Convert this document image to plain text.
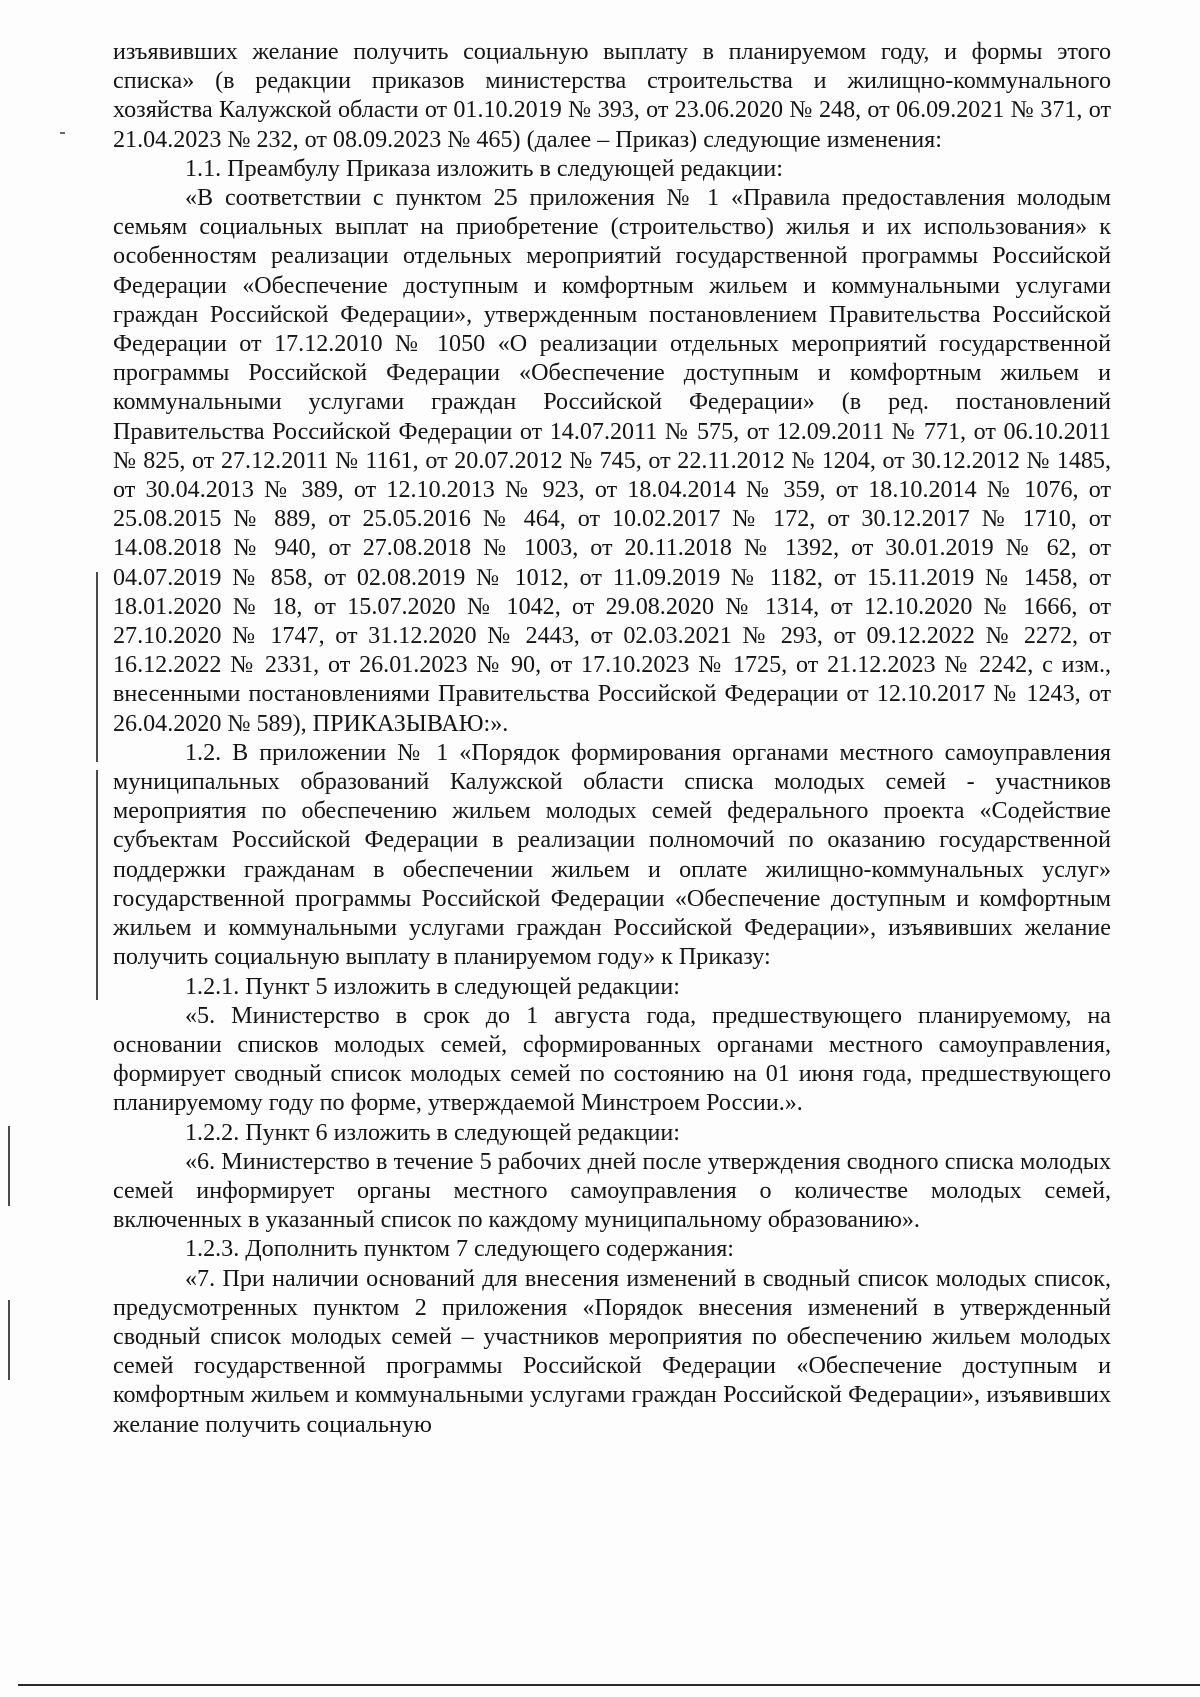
изъявивших желание получить социальную выплату в планируемом году, и формы этого списка» (в редакции приказов министерства строительства и жилищно-коммунального хозяйства Калужской области от 01.10.2019 № 393, от 23.06.2020 № 248, от 06.09.2021 № 371, от 21.04.2023 № 232, от 08.09.2023 № 465) (далее – Приказ) следующие изменения:

1.1. Преамбулу Приказа изложить в следующей редакции:

«В соответствии с пунктом 25 приложения № 1 «Правила предоставления молодым семьям социальных выплат на приобретение (строительство) жилья и их использования» к особенностям реализации отдельных мероприятий государственной программы Российской Федерации «Обеспечение доступным и комфортным жильем и коммунальными услугами граждан Российской Федерации», утвержденным постановлением Правительства Российской Федерации от 17.12.2010 № 1050 «О реализации отдельных мероприятий государственной программы Российской Федерации «Обеспечение доступным и комфортным жильем и коммунальными услугами граждан Российской Федерации» (в ред. постановлений Правительства Российской Федерации от 14.07.2011 № 575, от 12.09.2011 № 771, от 06.10.2011 № 825, от 27.12.2011 № 1161, от 20.07.2012 № 745, от 22.11.2012 № 1204, от 30.12.2012 № 1485, от 30.04.2013 № 389, от 12.10.2013 № 923, от 18.04.2014 № 359, от 18.10.2014 № 1076, от 25.08.2015 № 889, от 25.05.2016 № 464, от 10.02.2017 № 172, от 30.12.2017 № 1710, от 14.08.2018 № 940, от 27.08.2018 № 1003, от 20.11.2018 № 1392, от 30.01.2019 № 62, от 04.07.2019 № 858, от 02.08.2019 № 1012, от 11.09.2019 № 1182, от 15.11.2019 № 1458, от 18.01.2020 № 18, от 15.07.2020 № 1042, от 29.08.2020 № 1314, от 12.10.2020 № 1666, от 27.10.2020 № 1747, от 31.12.2020 № 2443, от 02.03.2021 № 293, от 09.12.2022 № 2272, от 16.12.2022 № 2331, от 26.01.2023 № 90, от 17.10.2023 № 1725, от 21.12.2023 № 2242, с изм., внесенными постановлениями Правительства Российской Федерации от 12.10.2017 № 1243, от 26.04.2020 № 589), ПРИКАЗЫВАЮ:».

1.2. В приложении № 1 «Порядок формирования органами местного самоуправления муниципальных образований Калужской области списка молодых семей - участников мероприятия по обеспечению жильем молодых семей федерального проекта «Содействие субъектам Российской Федерации в реализации полномочий по оказанию государственной поддержки гражданам в обеспечении жильем и оплате жилищно-коммунальных услуг» государственной программы Российской Федерации «Обеспечение доступным и комфортным жильем и коммунальными услугами граждан Российской Федерации», изъявивших желание получить социальную выплату в планируемом году» к Приказу:

1.2.1. Пункт 5 изложить в следующей редакции:

«5. Министерство в срок до 1 августа года, предшествующего планируемому, на основании списков молодых семей, сформированных органами местного самоуправления, формирует сводный список молодых семей по состоянию на 01 июня года, предшествующего планируемому году по форме, утверждаемой Минстроем России.».

1.2.2. Пункт 6 изложить в следующей редакции:

«6. Министерство в течение 5 рабочих дней после утверждения сводного списка молодых семей информирует органы местного самоуправления о количестве молодых семей, включенных в указанный список по каждому муниципальному образованию».

1.2.3. Дополнить пунктом 7 следующего содержания:

«7. При наличии оснований для внесения изменений в сводный список молодых список, предусмотренных пунктом 2 приложения «Порядок внесения изменений в утвержденный сводный список молодых семей – участников мероприятия по обеспечению жильем молодых семей государственной программы Российской Федерации «Обеспечение доступным и комфортным жильем и коммунальными услугами граждан Российской Федерации», изъявивших желание получить социальную
